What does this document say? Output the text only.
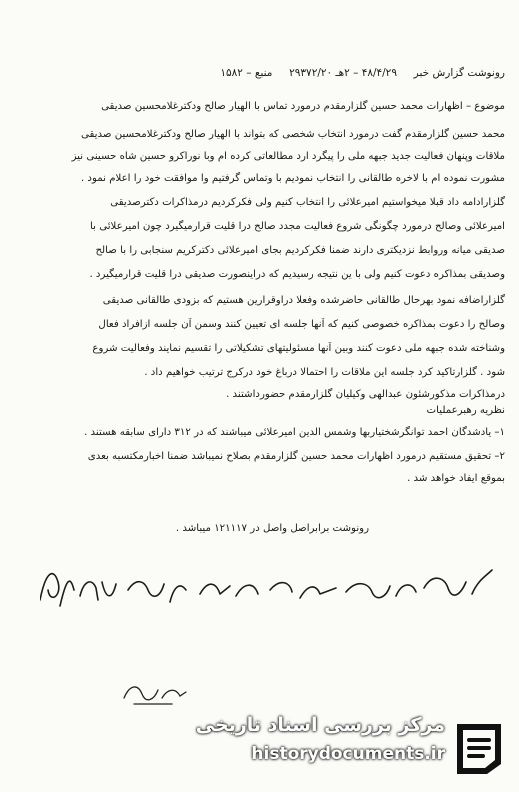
رونوشت گزارش خبر     ۴۸/۴/۲۹ – ۲هـ ۲۹۳۷۲/۲۰     منبع – ۱۵۸۲
موضوع – اظهارات محمد حسین گلزارمقدم درمورد تماس با الهیار صالح ودکترغلامحسین صدیقی
محمد حسین گلزارمقدم گفت درمورد انتخاب شخصی که بتواند با الهیار صالح ودکترغلامحسین صدیقی
ملاقات وپنهان فعالیت جدید جبهه ملی را پیگرد ارد مطالعاتی کرده ام وبا نوراکرو حسین شاه حسینی نیز
مشورت نموده ام با لاخره طالقانی را انتخاب نمودیم با وتماس گرفتیم وا موافقت خود را اعلام نمود .
گلزارادامه داد قبلا میخواستیم امیرعلائی را انتخاب کنیم ولی فکرکردیم درمذاکرات دکترصدیقی
امیرعلائی وصالح درمورد چگونگی شروع فعالیت مجدد صالح درا قلیت قرارمیگیرد چون امیرعلائی با
صدیقی میانه وروابط نزدیکتری دارند ضمنا فکرکردیم بجای امیرعلائی دکترکریم سنجابی را با صالح
وصدیقی بمذاکره دعوت کنیم ولی با ین نتیجه رسیدیم که دراینصورت صدیقی درا قلیت قرارمیگیرد .
گلزاراضافه نمود بهرحال طالقانی حاضرشده وفعلا دراوقرارین هستیم که بزودی طالقانی صدیقی
وصالح را دعوت بمذاکره خصوصی کنیم که آنها جلسه ای تعیین کنند وسمن آن جلسه ازافراد فعال
وشناخته شده جبهه ملی دعوت کنند وبین آنها مسئولیتهای تشکیلاتی را تقسیم نمایند وفعالیت شروع
شود . گلزارتاکید کرد جلسه این ملاقات را احتمالا درباغ خود درکرج ترتیب خواهیم داد .
درمذاکرات مذکورشئون عبدالهی وکیلیان گلزارمقدم حضورداشتند .
نظریه رهبرعملیات
۱– یادشدگان احمد توانگرشختیاربها وشمس الدین امیرعلائی میباشند که در ۳۱۲ دارای سابقه هستند .
۲– تحقیق مستقیم درمورد اظهارات محمد حسین گلزارمقدم بصلاح نمیباشد ضمنا اخبارمکتسبه بعدی
بموقع ایفاد خواهد شد .
رونوشت برابراصل واصل در ۱۲۱۱۱۷ میباشد .
مرکز بررسی اسناد تاریخی
historydocuments.ir
